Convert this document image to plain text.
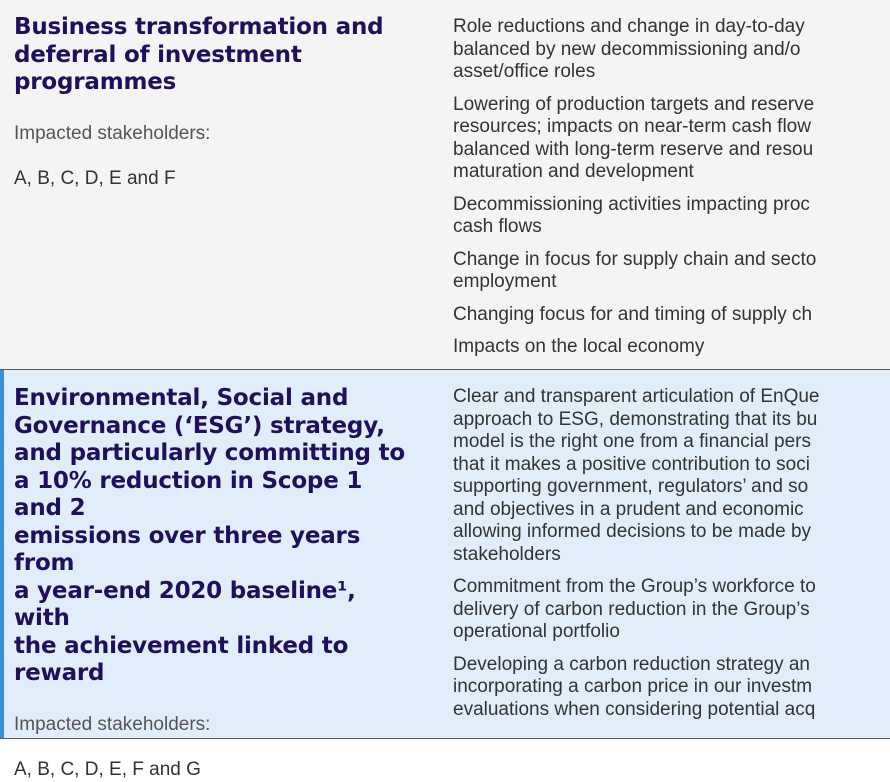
Business transformation and
deferral of investment
programmes

Impacted stakeholders:

A, B, C, D, E and F

Role reductions and change in day-to-day

balanced by new decommissioning and/o

asset/office roles

Lowering of production targets and reserve

resources; impacts on near-term cash flow

balanced with long-term reserve and resou

maturation and development

Decommissioning activities impacting proc

cash flows

Change in focus for supply chain and secto

employment

Changing focus for and timing of supply ch

Impacts on the local economy

Environmental, Social and
Governance (‘ESG’) strategy,
and particularly committing to
a 10% reduction in Scope 1 and 2
emissions over three years from
a year-end 2020 baseline¹, with
the achievement linked to
reward

Impacted stakeholders:

A, B, C, D, E, F and G

Clear and transparent articulation of EnQue

approach to ESG, demonstrating that its bu

model is the right one from a financial pers

that it makes a positive contribution to soci

supporting government, regulators’ and so

and objectives in a prudent and economic

allowing informed decisions to be made by

stakeholders

Commitment from the Group’s workforce to

delivery of carbon reduction in the Group’s

operational portfolio

Developing a carbon reduction strategy an

incorporating a carbon price in our investm

evaluations when considering potential acq
